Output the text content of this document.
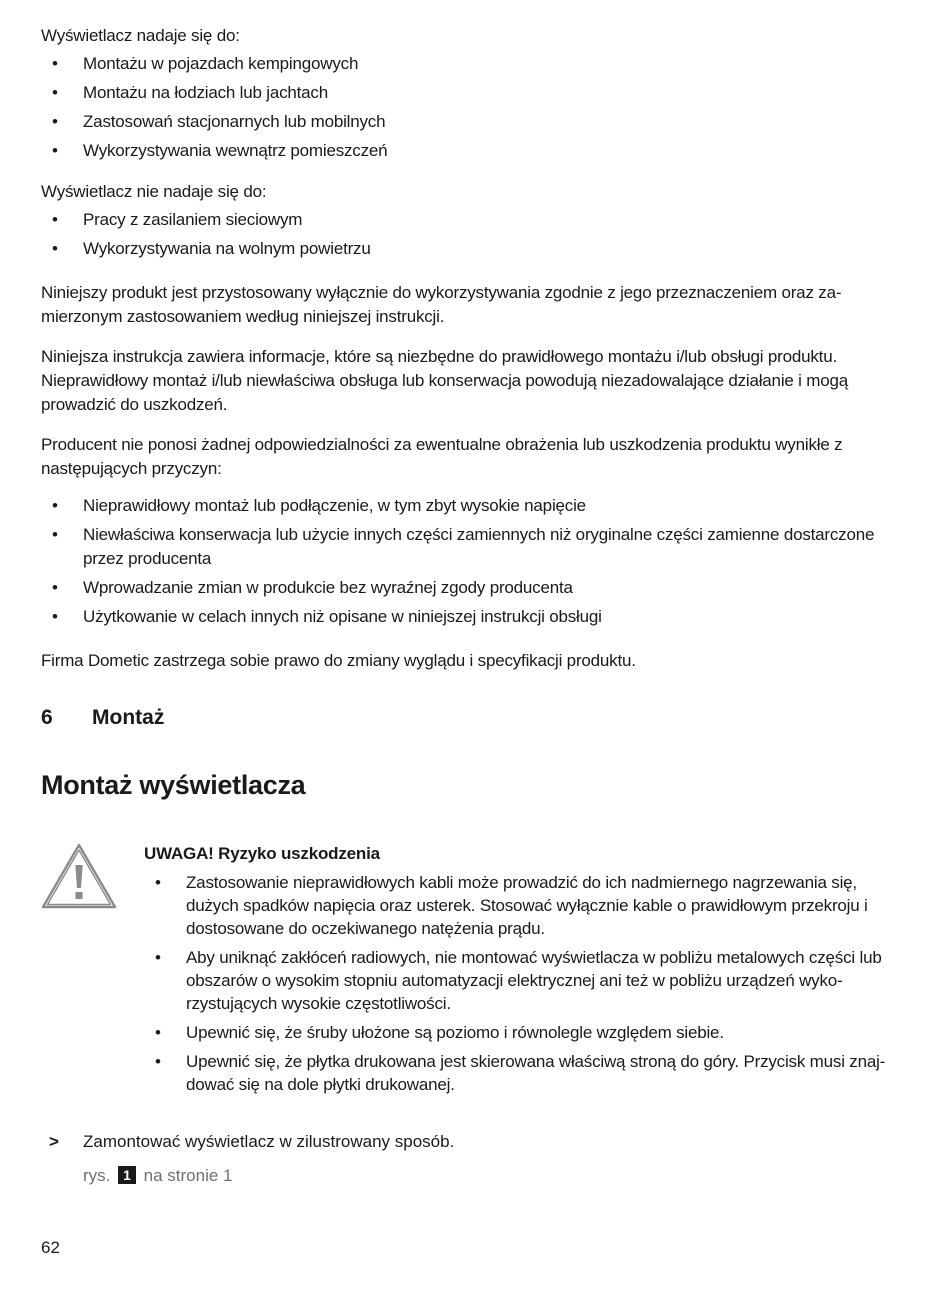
Wyświetlacz nadaje się do:

• Montażu w pojazdach kempingowych
• Montażu na łodziach lub jachtach
• Zastosowań stacjonarnych lub mobilnych
• Wykorzystywania wewnątrz pomieszczeń

Wyświetlacz nie nadaje się do:

• Pracy z zasilaniem sieciowym
• Wykorzystywania na wolnym powietrzu

Niniejszy produkt jest przystosowany wyłącznie do wykorzystywania zgodnie z jego przeznaczeniem oraz za-mierzonym zastosowaniem według niniejszej instrukcji.

Niniejsza instrukcja zawiera informacje, które są niezbędne do prawidłowego montażu i/lub obsługi produktu. Nieprawidłowy montaż i/lub niewłaściwa obsługa lub konserwacja powodują niezadowalające działanie i mogą prowadzić do uszkodzeń.

Producent nie ponosi żadnej odpowiedzialności za ewentualne obrażenia lub uszkodzenia produktu wynikłe z następujących przyczyn:

• Nieprawidłowy montaż lub podłączenie, w tym zbyt wysokie napięcie
• Niewłaściwa konserwacja lub użycie innych części zamiennych niż oryginalne części zamienne dostarczone przez producenta
• Wprowadzanie zmian w produkcie bez wyraźnej zgody producenta
• Użytkowanie w celach innych niż opisane w niniejszej instrukcji obsługi

Firma Dometic zastrzega sobie prawo do zmiany wyglądu i specyfikacji produktu.

6 Montaż
Montaż wyświetlacza

UWAGA! Ryzyko uszkodzenia

• Zastosowanie nieprawidłowych kabli może prowadzić do ich nadmiernego nagrzewania się, dużych spadków napięcia oraz usterek. Stosować wyłącznie kable o prawidłowym przekroju i dostosowane do oczekiwanego natężenia prądu.
• Aby uniknąć zakłóceń radiowych, nie montować wyświetlacza w pobliżu metalowych części lub obszarów o wysokim stopniu automatyzacji elektrycznej ani też w pobliżu urządzeń wyko-rzystujących wysokie częstotliwości.
• Upewnić się, że śruby ułożone są poziomo i równolegle względem siebie.
• Upewnić się, że płytka drukowana jest skierowana właściwą stroną do góry. Przycisk musi znaj-dować się na dole płytki drukowanej.
> Zamontować wyświetlacz w zilustrowany sposób.
rys. 1 na stronie 1
62
